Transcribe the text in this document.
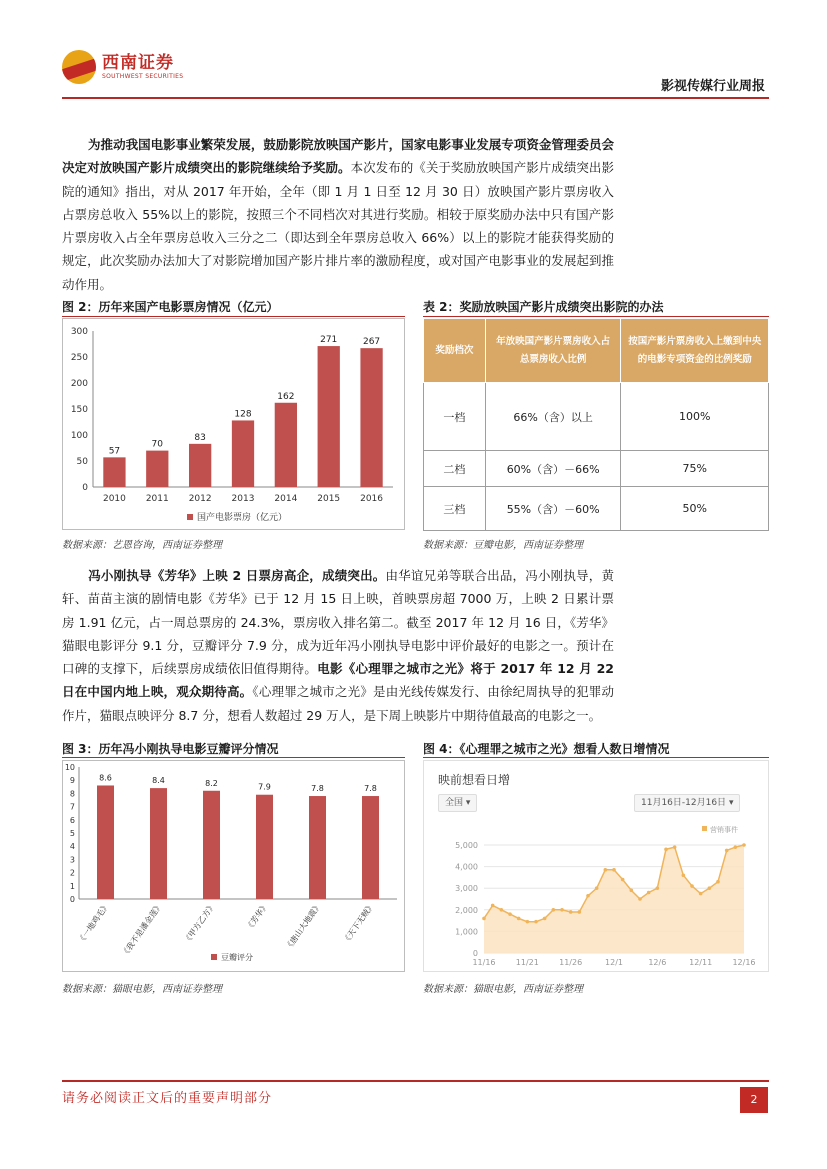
西南证券
SOUTHWEST SECURITIES
影视传媒行业周报
为推动我国电影事业繁荣发展，鼓励影院放映国产影片，国家电影事业发展专项资金管理委员会决定对放映国产影片成绩突出的影院继续给予奖励。本次发布的《关于奖励放映国产影片成绩突出影院的通知》指出，对从 2017 年开始，全年（即 1 月 1 日至 12 月 30 日）放映国产影片票房收入占票房总收入 55%以上的影院，按照三个不同档次对其进行奖励。相较于原奖励办法中只有国产影片票房收入占全年票房总收入三分之二（即达到全年票房总收入 66%）以上的影院才能获得奖励的规定，此次奖励办法加大了对影院增加国产影片排片率的激励程度，或对国产电影事业的发展起到推动作用。
图 2：历年来国产电影票房情况（亿元）
0
50
100
150
200
250
300
57
2010
70
2011
83
2012
128
2013
162
2014
271
2015
267
2016
国产电影票房（亿元）
数据来源：艺恩咨询，西南证券整理
表 2：奖励放映国产影片成绩突出影院的办法
奖励档次	年放映国产影片票房收入占总票房收入比例	按国产影片票房收入上缴到中央的电影专项资金的比例奖励
一档	66%（含）以上	100%
二档	60%（含）－66%	75%
三档	55%（含）－60%	50%
数据来源：豆瓣电影，西南证券整理
冯小刚执导《芳华》上映 2 日票房高企，成绩突出。由华谊兄弟等联合出品，冯小刚执导，黄轩、苗苗主演的剧情电影《芳华》已于 12 月 15 日上映，首映票房超 7000 万，上映 2 日累计票房 1.91 亿元，占一周总票房的 24.3%，票房收入排名第二。截至 2017 年 12 月 16 日，《芳华》猫眼电影评分 9.1 分，豆瓣评分 7.9 分，成为近年冯小刚执导电影中评价最好的电影之一。预计在口碑的支撑下，后续票房成绩依旧值得期待。电影《心理罪之城市之光》将于 2017 年 12 月 22 日在中国内地上映，观众期待高。《心理罪之城市之光》是由光线传媒发行、由徐纪周执导的犯罪动作片，猫眼点映评分 8.7 分，想看人数超过 29 万人，是下周上映影片中期待值最高的电影之一。
图 3：历年冯小刚执导电影豆瓣评分情况
0
1
2
3
4
5
6
7
8
9
10
8.6
《一地鸡毛》
8.4
《我不是潘金莲》
8.2
《甲方乙方》
7.9
《芳华》
7.8
《唐山大地震》
7.8
《天下无贼》
豆瓣评分
数据来源：猫眼电影，西南证券整理
图 4：《心理罪之城市之光》想看人数日增情况
映前想看日增
全国 ▾	11月16日-12月16日 ▾
0
1,000
2,000
3,000
4,000
5,000
11/16	11/21	11/26	12/1	12/6	12/11	12/16
营销事件
数据来源：猫眼电影，西南证券整理
请务必阅读正文后的重要声明部分	2
